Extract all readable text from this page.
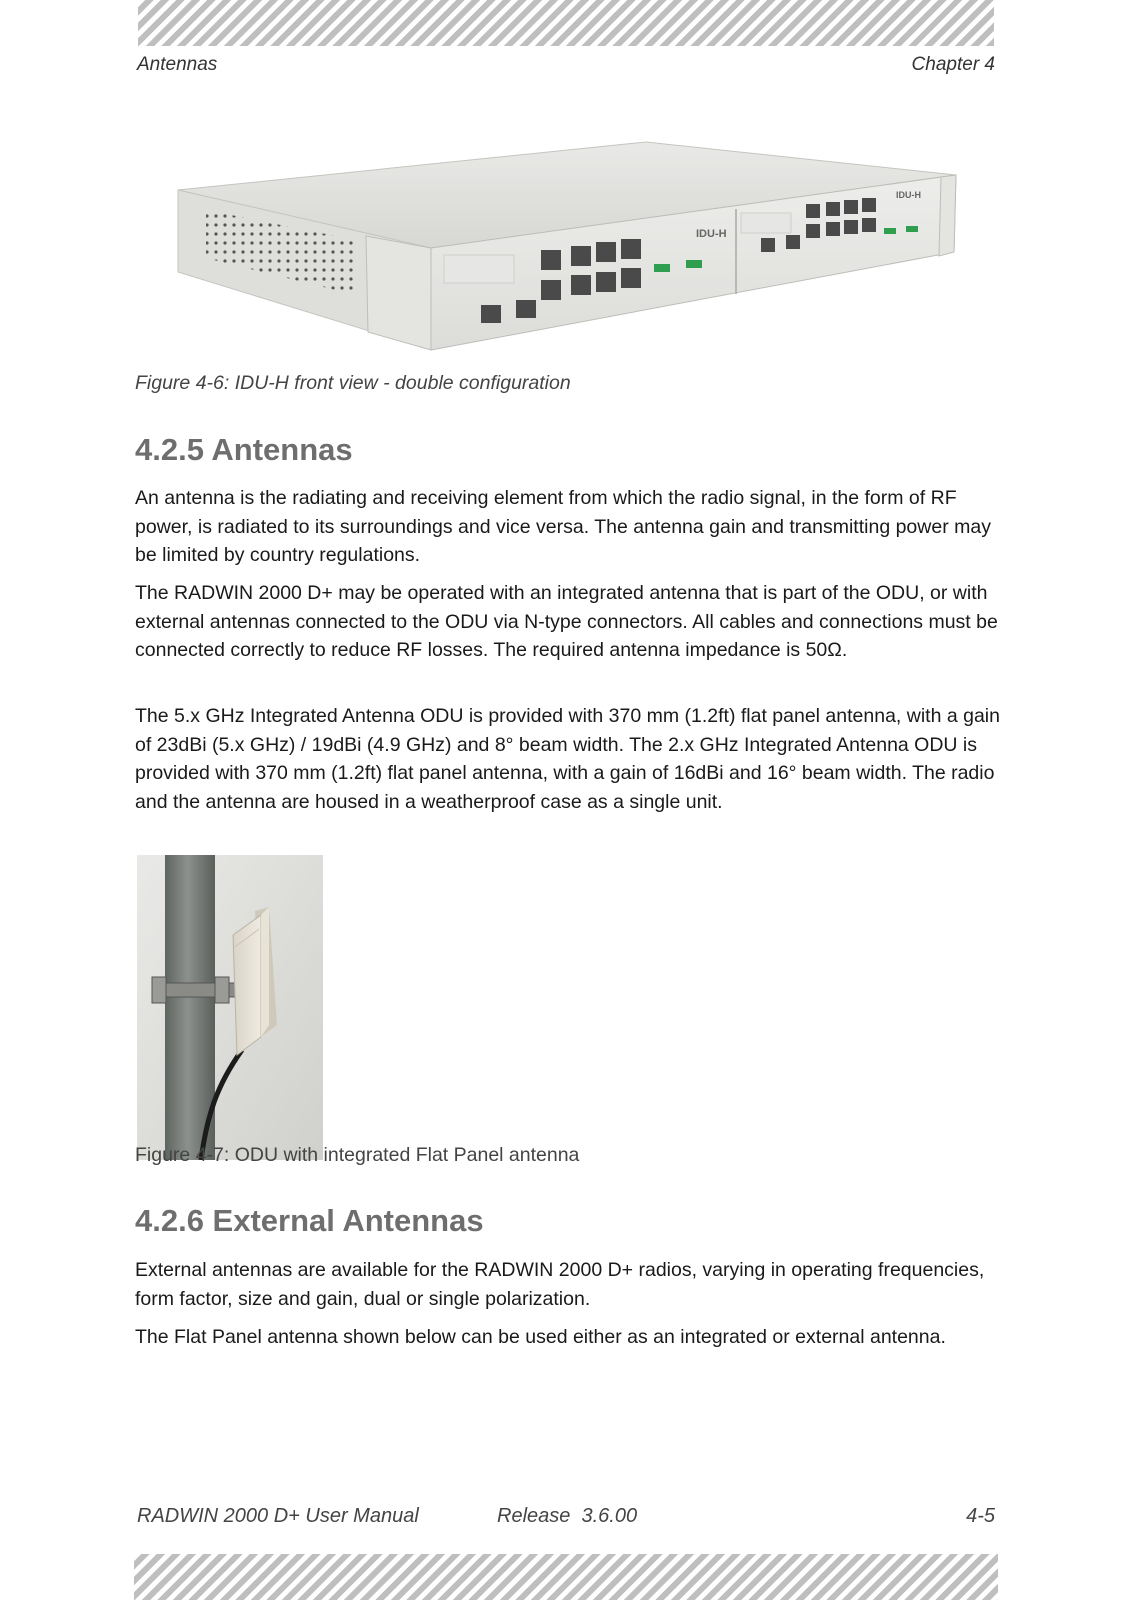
Antennas	Chapter 4
IDU-H
IDU-H
Figure 4-6: IDU-H front view - double configuration
4.2.5 Antennas

An antenna is the radiating and receiving element from which the radio signal, in the form of RF power, is radiated to its surroundings and vice versa. The antenna gain and transmitting power may be limited by country regulations.

The RADWIN 2000 D+ may be operated with an integrated antenna that is part of the ODU, or with external antennas connected to the ODU via N-type connectors. All cables and connections must be connected correctly to reduce RF losses. The required antenna impedance is 50Ω.

The 5.x GHz Integrated Antenna ODU is provided with 370 mm (1.2ft) flat panel antenna, with a gain of 23dBi (5.x GHz) / 19dBi (4.9 GHz) and 8° beam width. The 2.x GHz Integrated Antenna ODU is provided with 370 mm (1.2ft) flat panel antenna, with a gain of 16dBi and 16° beam width. The radio and the antenna are housed in a weatherproof case as a single unit.

Figure 4-7: ODU with integrated Flat Panel antenna
4.2.6 External Antennas

External antennas are available for the RADWIN 2000 D+ radios, varying in operating frequencies, form factor, size and gain, dual or single polarization.

The Flat Panel antenna shown below can be used either as an integrated or external antenna.

RADWIN 2000 D+ User Manual	Release  3.6.00	4-5
